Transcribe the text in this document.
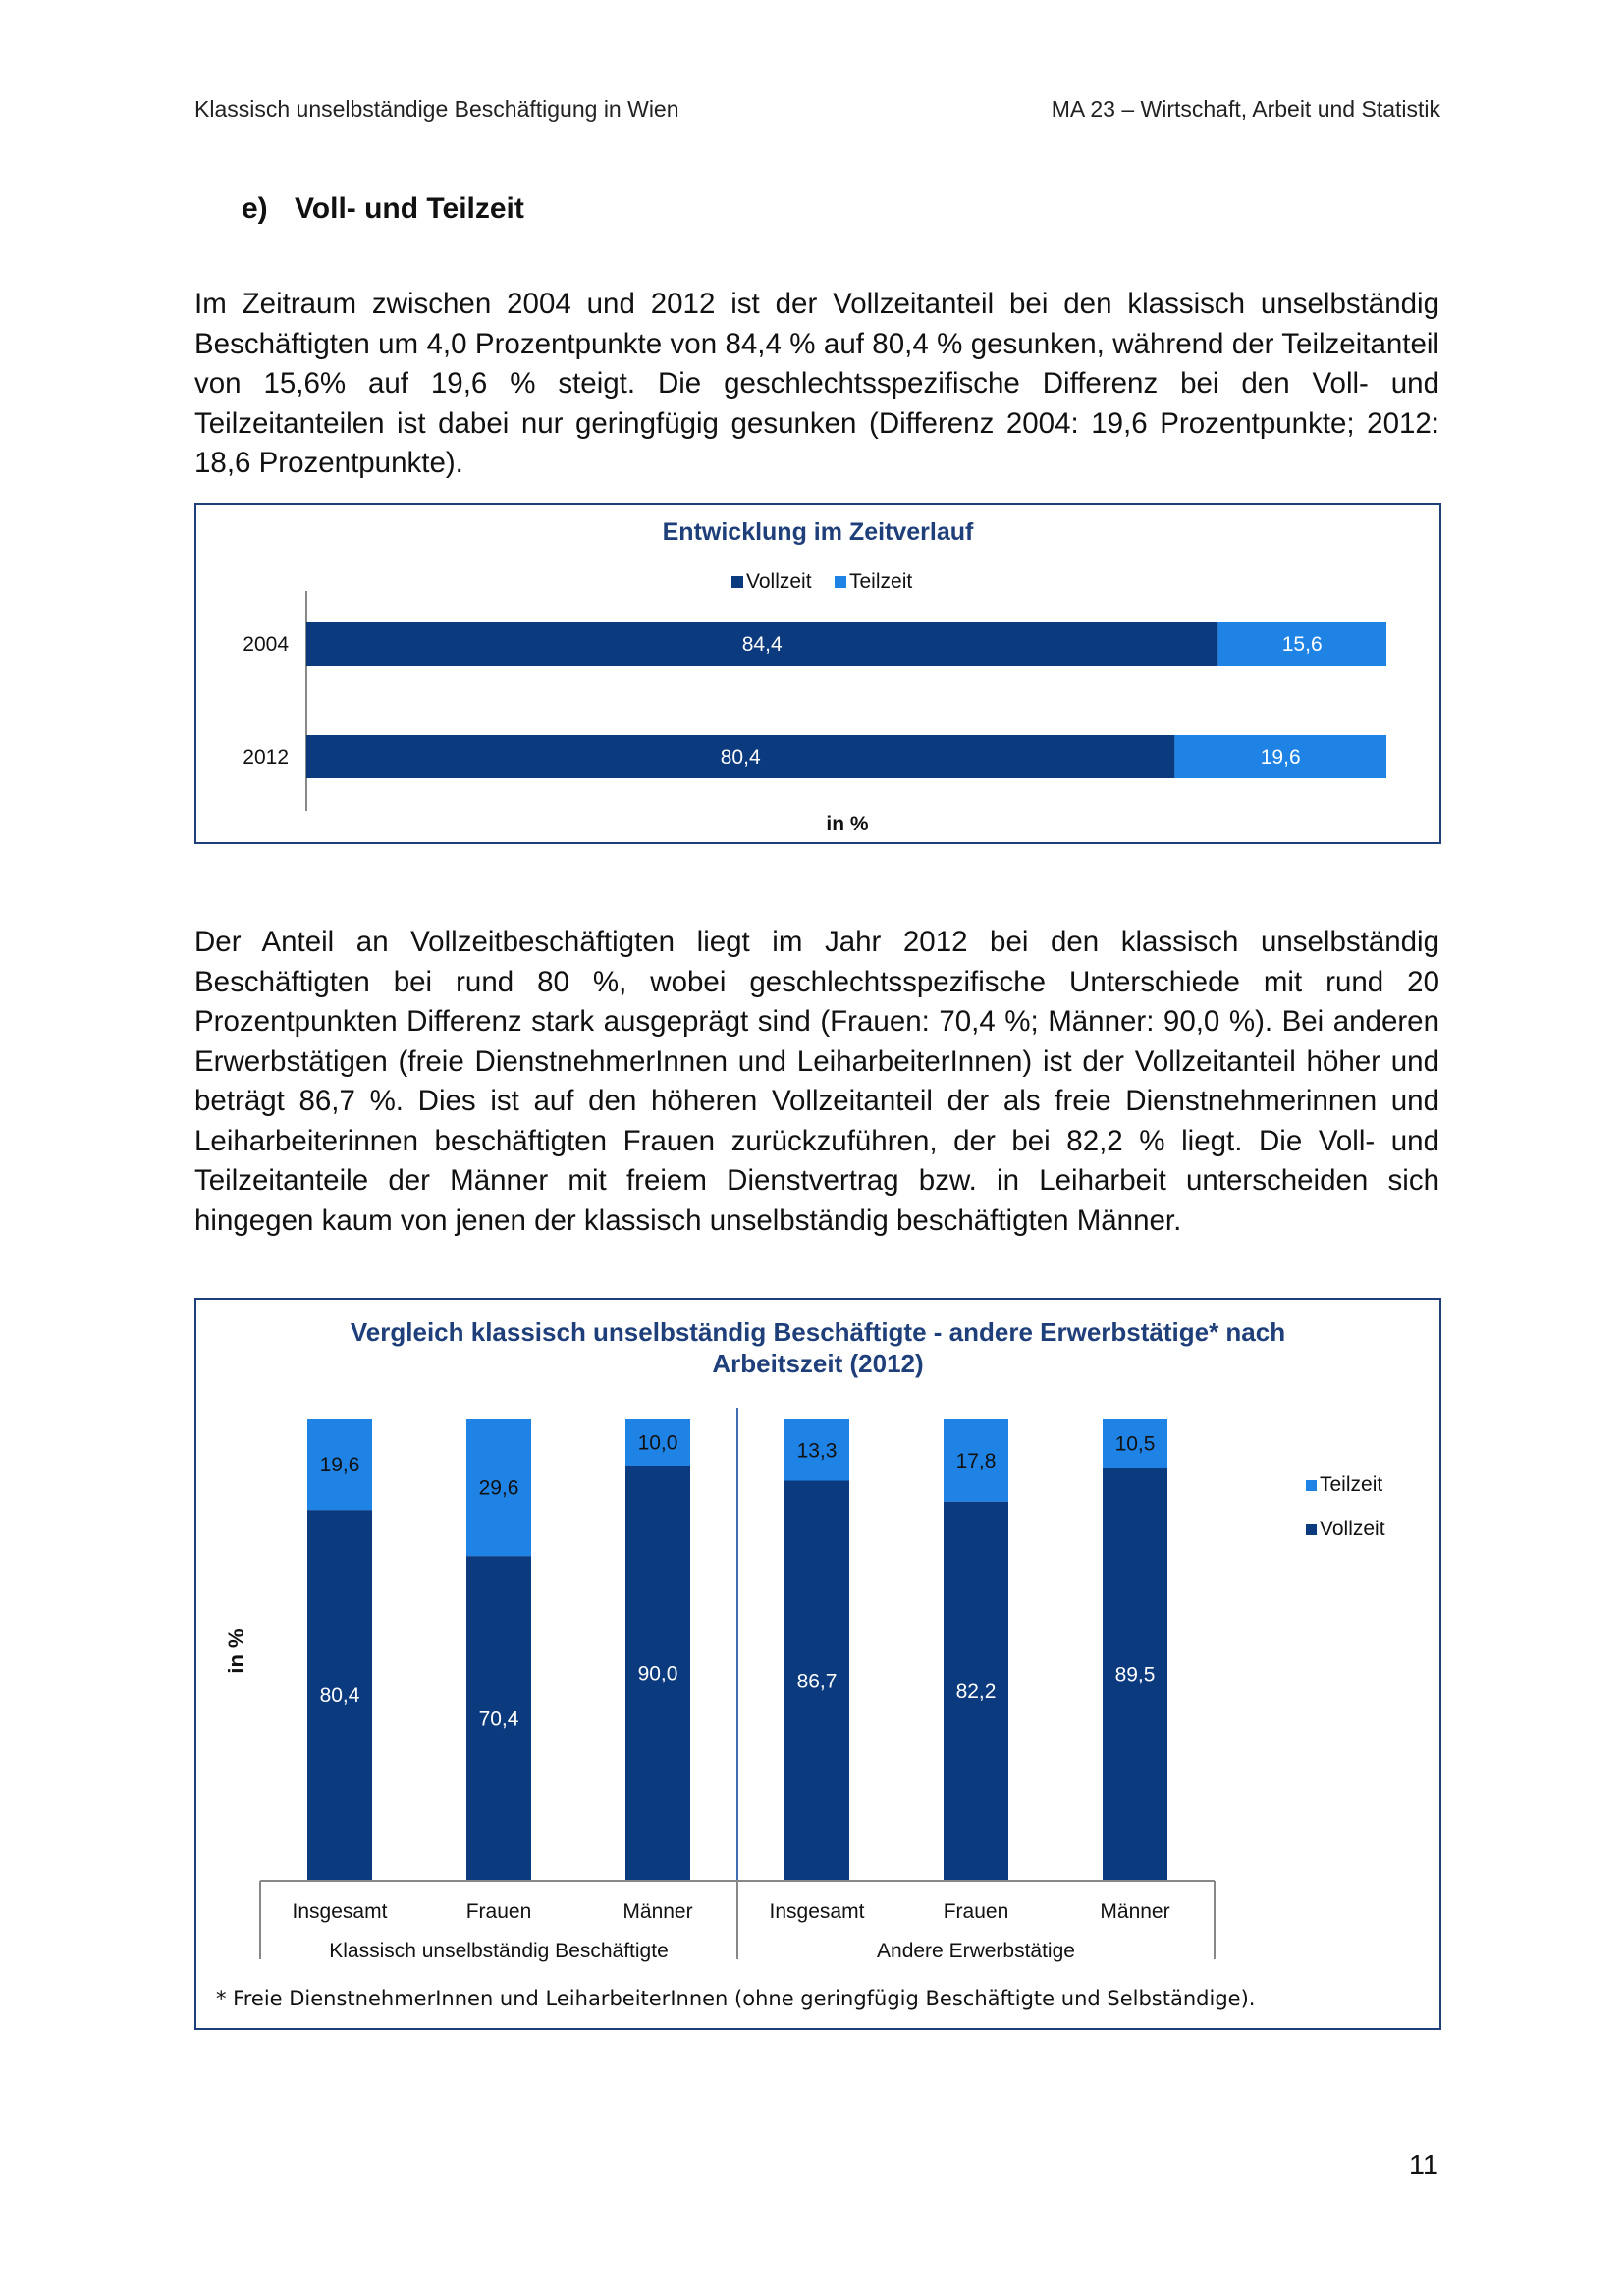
Klassisch unselbständige Beschäftigung in Wien	MA 23 – Wirtschaft, Arbeit und Statistik
e) Voll- und Teilzeit
Im Zeitraum zwischen 2004 und 2012 ist der Vollzeitanteil bei den klassisch unselbständig Beschäftigten um 4,0 Prozentpunkte von 84,4 % auf 80,4 % gesunken, während der Teilzeitanteil von 15,6% auf 19,6 % steigt. Die geschlechtsspezifische Differenz bei den Voll- und Teilzeitanteilen ist dabei nur geringfügig gesunken (Differenz 2004: 19,6 Prozentpunkte; 2012: 18,6 Prozentpunkte).
Entwicklung im Zeitverlauf
Vollzeit Teilzeit
2004	84,4	15,6
2012	80,4	19,6
in %
Der Anteil an Vollzeitbeschäftigten liegt im Jahr 2012 bei den klassisch unselbständig Beschäftigten bei rund 80 %, wobei geschlechtsspezifische Unterschiede mit rund 20 Prozentpunkten Differenz stark ausgeprägt sind (Frauen: 70,4 %; Männer: 90,0 %). Bei anderen Erwerbstätigen (freie DienstnehmerInnen und LeiharbeiterInnen) ist der Vollzeitanteil höher und beträgt 86,7 %. Dies ist auf den höheren Vollzeitanteil der als freie Dienstnehmerinnen und Leiharbeiterinnen beschäftigten Frauen zurückzuführen, der bei 82,2 % liegt. Die Voll- und Teilzeitanteile der Männer mit freiem Dienstvertrag bzw. in Leiharbeit unterscheiden sich hingegen kaum von jenen der klassisch unselbständig beschäftigten Männer.
Vergleich klassisch unselbständig Beschäftigte - andere Erwerbstätige* nach
Arbeitszeit (2012)
in %
19,6
80,4
Insgesamt
29,6
70,4
Frauen
10,0
90,0
Männer
13,3
86,7
Insgesamt
17,8
82,2
Frauen
10,5
89,5
Männer
Klassisch unselbständig Beschäftigte	Andere Erwerbstätige
Teilzeit
Vollzeit
* Freie DienstnehmerInnen und LeiharbeiterInnen (ohne geringfügig Beschäftigte und Selbständige).
11
